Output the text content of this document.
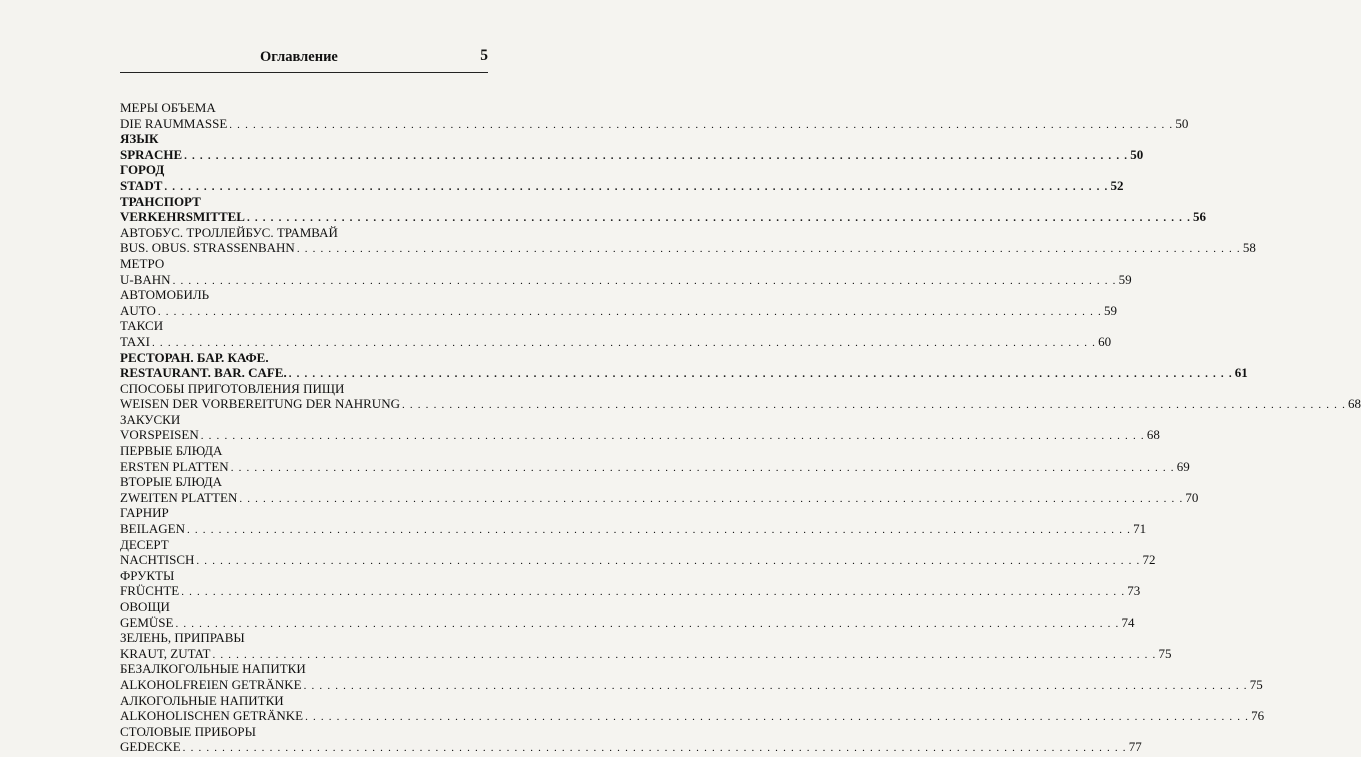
Оглавление	5
МЕРЫ ОБЪЕМА
DIE RAUMMASSE . . . . . . . . . . . . . . . . . . . . . . . . . . . . . . . . . . . . . . . . . . . . . . . . . . . . . . . . . . . . . . . . . . . . . . . . . . . . . . . . . . . . . . . . . . . . . . . . . . . . . . . . . . . . . . . . . . . . . . . . 50
ЯЗЫК
SPRACHE . . . . . . . . . . . . . . . . . . . . . . . . . . . . . . . . . . . . . . . . . . . . . . . . . . . . . . . . . . . . . . . . . . . . . . . . . . . . . . . . . . . . . . . . . . . . . . . . . . . . . . . . . . . . . . . . . . . . . . . . 50
ГОРОД
STADT . . . . . . . . . . . . . . . . . . . . . . . . . . . . . . . . . . . . . . . . . . . . . . . . . . . . . . . . . . . . . . . . . . . . . . . . . . . . . . . . . . . . . . . . . . . . . . . . . . . . . . . . . . . . . . . . . . . . . . . . 52
ТРАНСПОРТ
VERKEHRSMITTEL . . . . . . . . . . . . . . . . . . . . . . . . . . . . . . . . . . . . . . . . . . . . . . . . . . . . . . . . . . . . . . . . . . . . . . . . . . . . . . . . . . . . . . . . . . . . . . . . . . . . . . . . . . . . . . . . . . . . . . . . 56
АВТОБУС. ТРОЛЛЕЙБУС. ТРАМВАЙ
BUS. OBUS. STRASSENBAHN . . . . . . . . . . . . . . . . . . . . . . . . . . . . . . . . . . . . . . . . . . . . . . . . . . . . . . . . . . . . . . . . . . . . . . . . . . . . . . . . . . . . . . . . . . . . . . . . . . . . . . . . . . . . . . . . . . . . . . . . 58
МЕТРО
U-BAHN . . . . . . . . . . . . . . . . . . . . . . . . . . . . . . . . . . . . . . . . . . . . . . . . . . . . . . . . . . . . . . . . . . . . . . . . . . . . . . . . . . . . . . . . . . . . . . . . . . . . . . . . . . . . . . . . . . . . . . . . 59
АВТОМОБИЛЬ
AUTO . . . . . . . . . . . . . . . . . . . . . . . . . . . . . . . . . . . . . . . . . . . . . . . . . . . . . . . . . . . . . . . . . . . . . . . . . . . . . . . . . . . . . . . . . . . . . . . . . . . . . . . . . . . . . . . . . . . . . . . . 59
ТАКСИ
TAXI . . . . . . . . . . . . . . . . . . . . . . . . . . . . . . . . . . . . . . . . . . . . . . . . . . . . . . . . . . . . . . . . . . . . . . . . . . . . . . . . . . . . . . . . . . . . . . . . . . . . . . . . . . . . . . . . . . . . . . . . 60
РЕСТОРАН. БАР. КАФЕ.
RESTAURANT. BAR. CAFE. . . . . . . . . . . . . . . . . . . . . . . . . . . . . . . . . . . . . . . . . . . . . . . . . . . . . . . . . . . . . . . . . . . . . . . . . . . . . . . . . . . . . . . . . . . . . . . . . . . . . . . . . . . . . . . . . . . . . . . . . 61
СПОСОБЫ ПРИГОТОВЛЕНИЯ ПИЩИ
WEISEN DER VORBEREITUNG DER NAHRUNG . . . . . . . . . . . . . . . . . . . . . . . . . . . . . . . . . . . . . . . . . . . . . . . . . . . . . . . . . . . . . . . . . . . . . . . . . . . . . . . . . . . . . . . . . . . . . . . . . . . . . . . . . . . . . . . . . . . . . . . . 68
ЗАКУСКИ
VORSPEISEN . . . . . . . . . . . . . . . . . . . . . . . . . . . . . . . . . . . . . . . . . . . . . . . . . . . . . . . . . . . . . . . . . . . . . . . . . . . . . . . . . . . . . . . . . . . . . . . . . . . . . . . . . . . . . . . . . . . . . . . . 68
ПЕРВЫЕ БЛЮДА
ERSTEN PLATTEN . . . . . . . . . . . . . . . . . . . . . . . . . . . . . . . . . . . . . . . . . . . . . . . . . . . . . . . . . . . . . . . . . . . . . . . . . . . . . . . . . . . . . . . . . . . . . . . . . . . . . . . . . . . . . . . . . . . . . . . . 69
ВТОРЫЕ БЛЮДА
ZWEITEN PLATTEN . . . . . . . . . . . . . . . . . . . . . . . . . . . . . . . . . . . . . . . . . . . . . . . . . . . . . . . . . . . . . . . . . . . . . . . . . . . . . . . . . . . . . . . . . . . . . . . . . . . . . . . . . . . . . . . . . . . . . . . . 70
ГАРНИР
BEILAGEN . . . . . . . . . . . . . . . . . . . . . . . . . . . . . . . . . . . . . . . . . . . . . . . . . . . . . . . . . . . . . . . . . . . . . . . . . . . . . . . . . . . . . . . . . . . . . . . . . . . . . . . . . . . . . . . . . . . . . . . . 71
ДЕСЕРТ
NACHTISCH . . . . . . . . . . . . . . . . . . . . . . . . . . . . . . . . . . . . . . . . . . . . . . . . . . . . . . . . . . . . . . . . . . . . . . . . . . . . . . . . . . . . . . . . . . . . . . . . . . . . . . . . . . . . . . . . . . . . . . . . 72
ФРУКТЫ
FRÜCHTE . . . . . . . . . . . . . . . . . . . . . . . . . . . . . . . . . . . . . . . . . . . . . . . . . . . . . . . . . . . . . . . . . . . . . . . . . . . . . . . . . . . . . . . . . . . . . . . . . . . . . . . . . . . . . . . . . . . . . . . . 73
ОВОЩИ
GEMÜSE . . . . . . . . . . . . . . . . . . . . . . . . . . . . . . . . . . . . . . . . . . . . . . . . . . . . . . . . . . . . . . . . . . . . . . . . . . . . . . . . . . . . . . . . . . . . . . . . . . . . . . . . . . . . . . . . . . . . . . . . 74
ЗЕЛЕНЬ, ПРИПРАВЫ
KRAUT, ZUTAT . . . . . . . . . . . . . . . . . . . . . . . . . . . . . . . . . . . . . . . . . . . . . . . . . . . . . . . . . . . . . . . . . . . . . . . . . . . . . . . . . . . . . . . . . . . . . . . . . . . . . . . . . . . . . . . . . . . . . . . . 75
БЕЗАЛКОГОЛЬНЫЕ НАПИТКИ
ALKOHOLFREIEN GETRÄNKE . . . . . . . . . . . . . . . . . . . . . . . . . . . . . . . . . . . . . . . . . . . . . . . . . . . . . . . . . . . . . . . . . . . . . . . . . . . . . . . . . . . . . . . . . . . . . . . . . . . . . . . . . . . . . . . . . . . . . . . . 75
АЛКОГОЛЬНЫЕ НАПИТКИ
ALKOHOLISCHEN GETRÄNKE . . . . . . . . . . . . . . . . . . . . . . . . . . . . . . . . . . . . . . . . . . . . . . . . . . . . . . . . . . . . . . . . . . . . . . . . . . . . . . . . . . . . . . . . . . . . . . . . . . . . . . . . . . . . . . . . . . . . . . . . 76
СТОЛОВЫЕ ПРИБОРЫ
GEDECKE . . . . . . . . . . . . . . . . . . . . . . . . . . . . . . . . . . . . . . . . . . . . . . . . . . . . . . . . . . . . . . . . . . . . . . . . . . . . . . . . . . . . . . . . . . . . . . . . . . . . . . . . . . . . . . . . . . . . . . . . 77
